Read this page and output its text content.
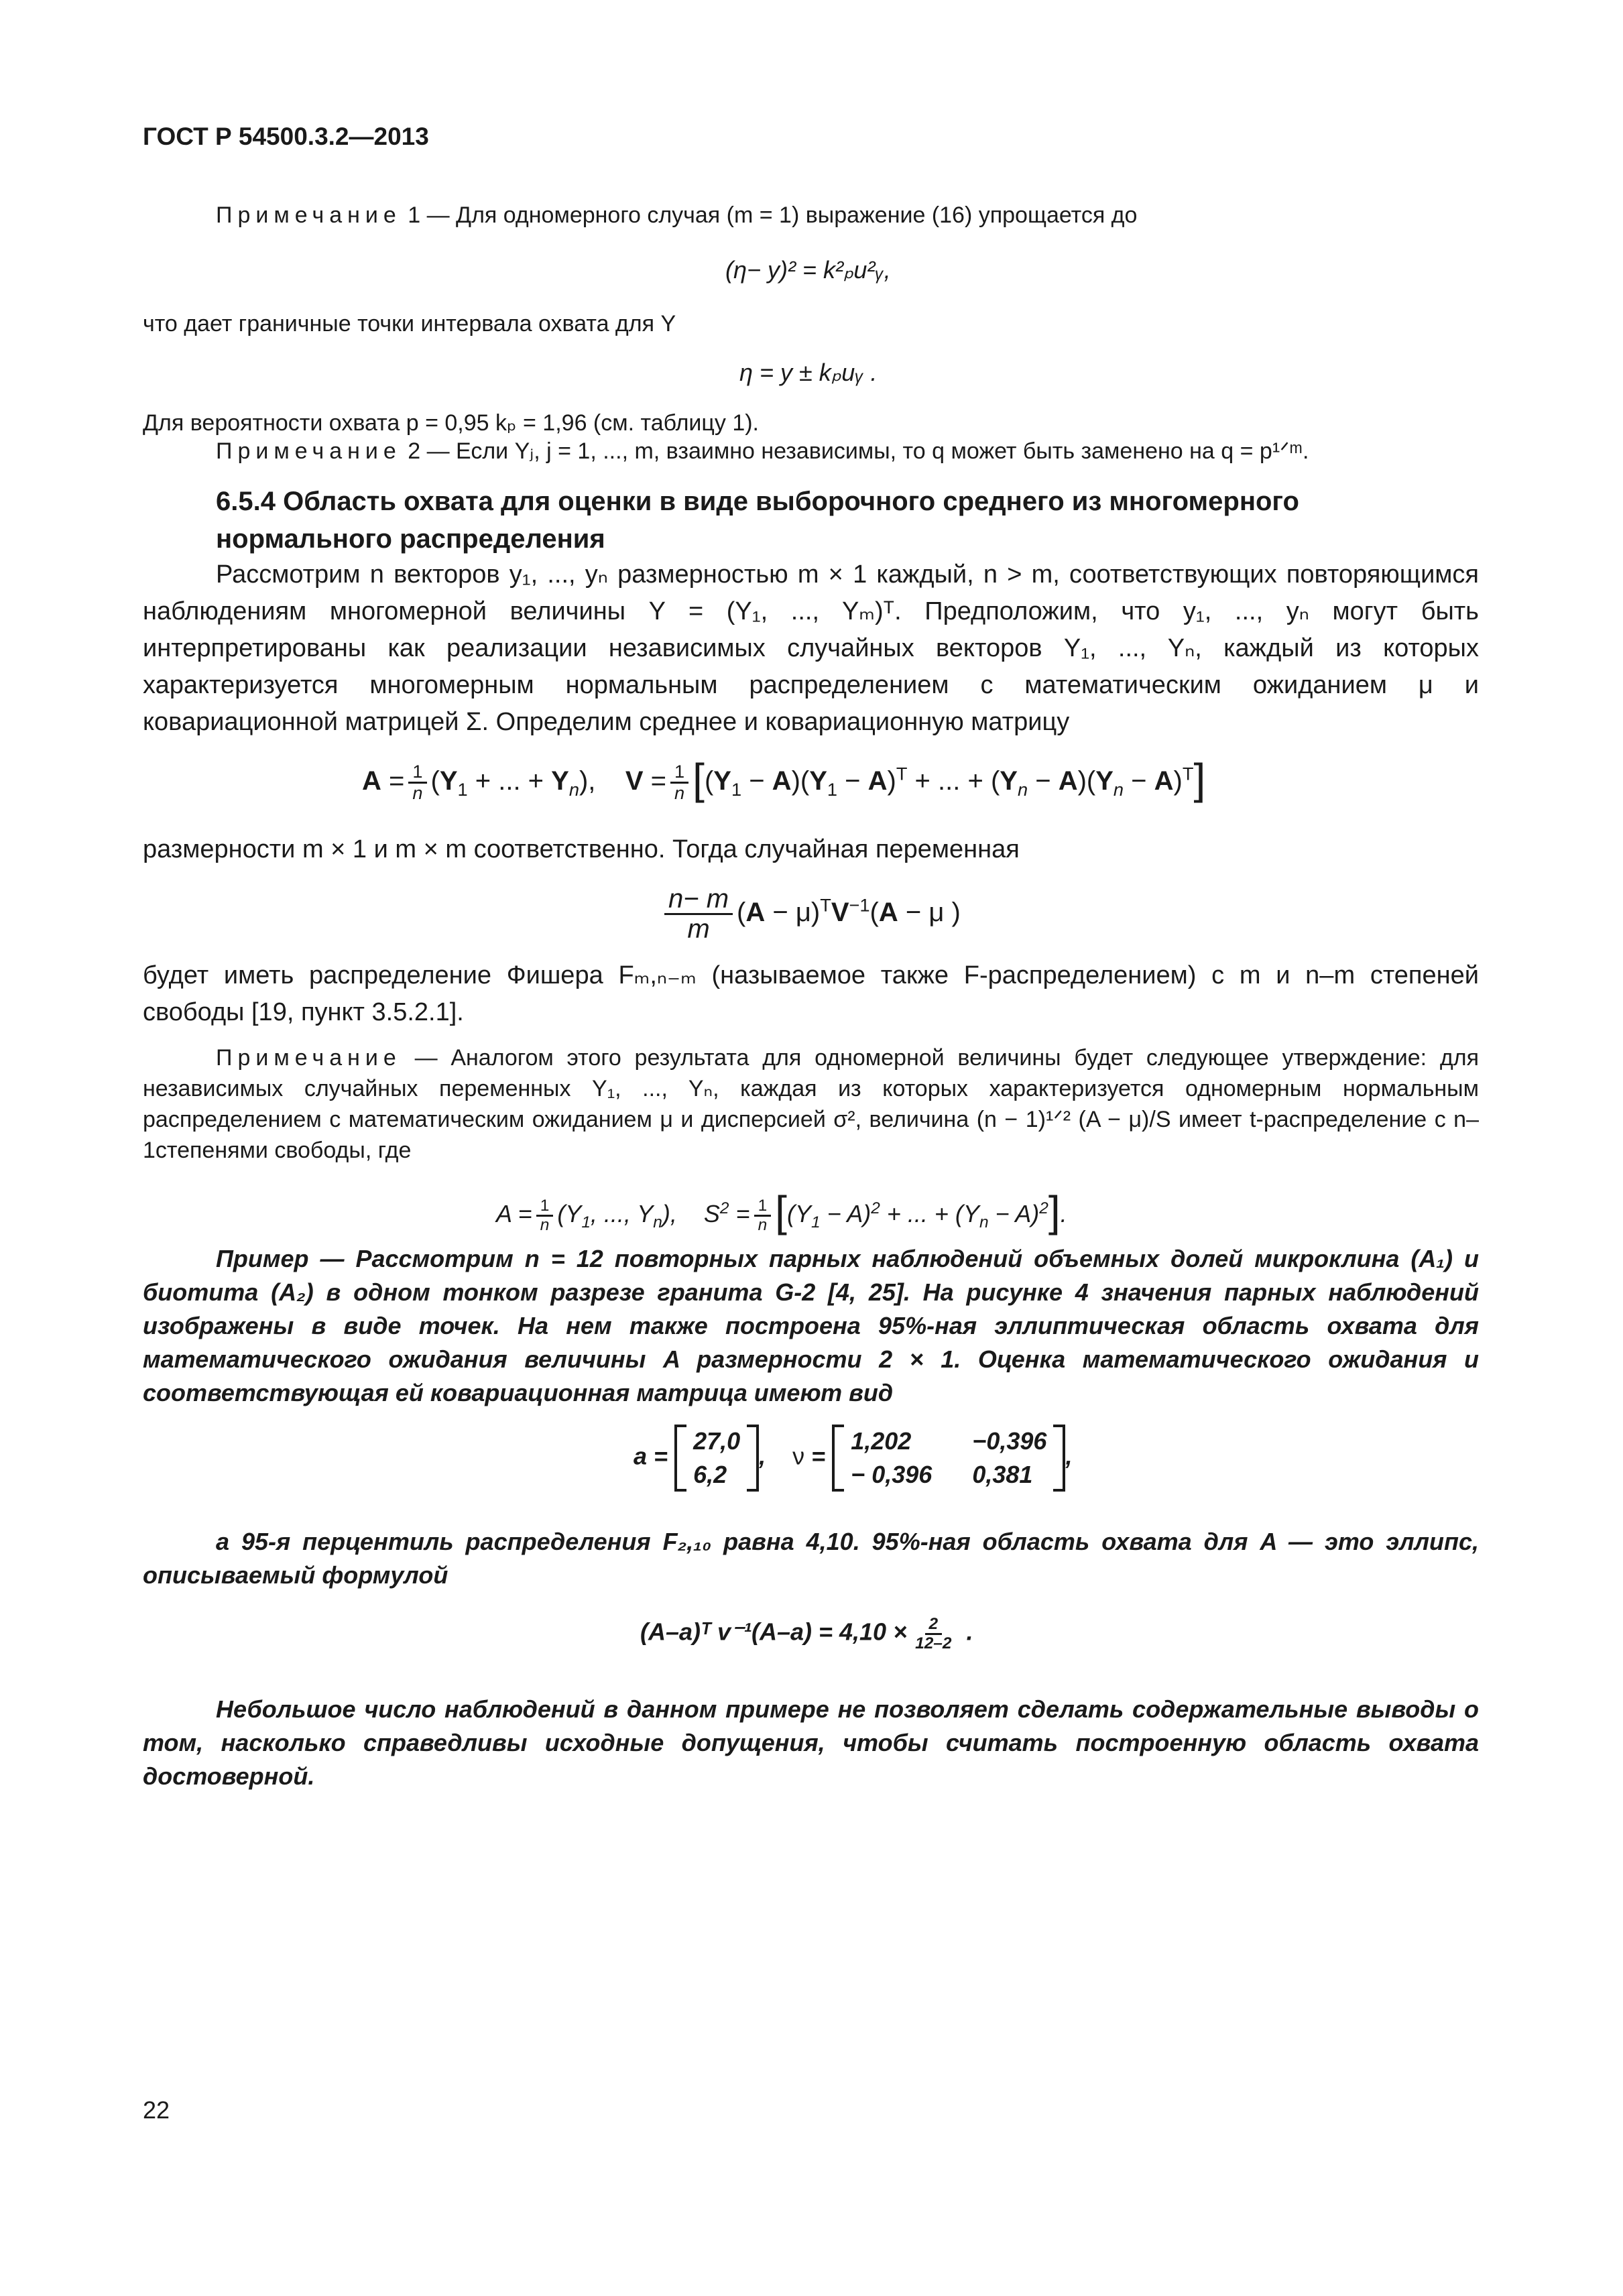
ГОСТ Р 54500.3.2—2013
Примечание 1 — Для одномерного случая (m = 1) выражение (16) упрощается до
(η− y)² = k²ₚu²ᵧ,
что дает граничные точки интервала охвата для Y
η = y ± kₚuᵧ .
Для вероятности охвата p = 0,95 kₚ = 1,96 (см. таблицу 1).
Примечание 2 — Если Yⱼ, j = 1, ..., m, взаимно независимы, то q может быть заменено на q = p¹ᐟᵐ.
6.5.4 Область охвата для оценки в виде выборочного среднего из многомерного нормального распределения
Рассмотрим n векторов y₁, ..., yₙ размерностью m × 1 каждый, n > m, соответствующих повторяющимся наблюдениям многомерной величины Y = (Y₁, ..., Yₘ)ᵀ. Предположим, что y₁, ..., yₙ могут быть интерпретированы как реализации независимых случайных векторов Y₁, ..., Yₙ, каждый из которых характеризуется многомерным нормальным распределением с математическим ожиданием μ и ковариационной матрицей Σ. Определим среднее и ковариационную матрицу
$A = \frac{1}{n} (Y_1$ + ... + $Y_n$),    $V = \frac{1}{n} [(Y_1 - A)(Y_1 - A)^T$ + ... + $(Y_n - A)(Y_n - A)^T$]
размерности m × 1 и m × m соответственно. Тогда случайная переменная
$\frac{n- m}{m} (A - \mu)^TV^{-1}(A - \mu$ )
будет иметь распределение Фишера Fₘ,ₙ₋ₘ (называемое также F-распределением) с m и n–m степеней свободы [19, пункт 3.5.2.1].
Примечание — Аналогом этого результата для одномерной величины будет следующее утверждение: для независимых случайных переменных Y₁, ..., Yₙ, каждая из которых характеризуется одномерным нормальным распределением с математическим ожиданием μ и дисперсией σ², величина (n − 1)¹ᐟ² (A − μ)/S имеет t-распределение с n–1степенями свободы, где
$A = \frac{1}{n} (Y_1$, ..., $Y_n$),    $S^2 = \frac{1}{n} [(Y_1 - A)^2$ + ... + $(Y_n - A)^2$].
Пример — Рассмотрим n = 12 повторных парных наблюдений объемных долей микроклина (A₁) и биотита (A₂) в одном тонком разрезе гранита G-2 [4, 25]. На рисунке 4 значения парных наблюдений изображены в виде точек. На нем также построена 95%-ная эллиптическая область охвата для математического ожидания величины A размерности 2 × 1. Оценка математического ожидания и соответствующая ей ковариационная матрица имеют вид
a =
27,0
6,2
,    ν =
1,202	−0,396
− 0,396 0,381
,
а 95-я перцентиль распределения F₂,₁₀ равна 4,10. 95%-ная область охвата для A — это эллипс, описываемый формулой
(A–a)ᵀ $v^{-1}(A-a) = 4,10 \times \frac{2}{12-2}$ .
Небольшое число наблюдений в данном примере не позволяет сделать содержательные выводы о том, насколько справедливы исходные допущения, чтобы считать построенную область охвата достоверной.
22
